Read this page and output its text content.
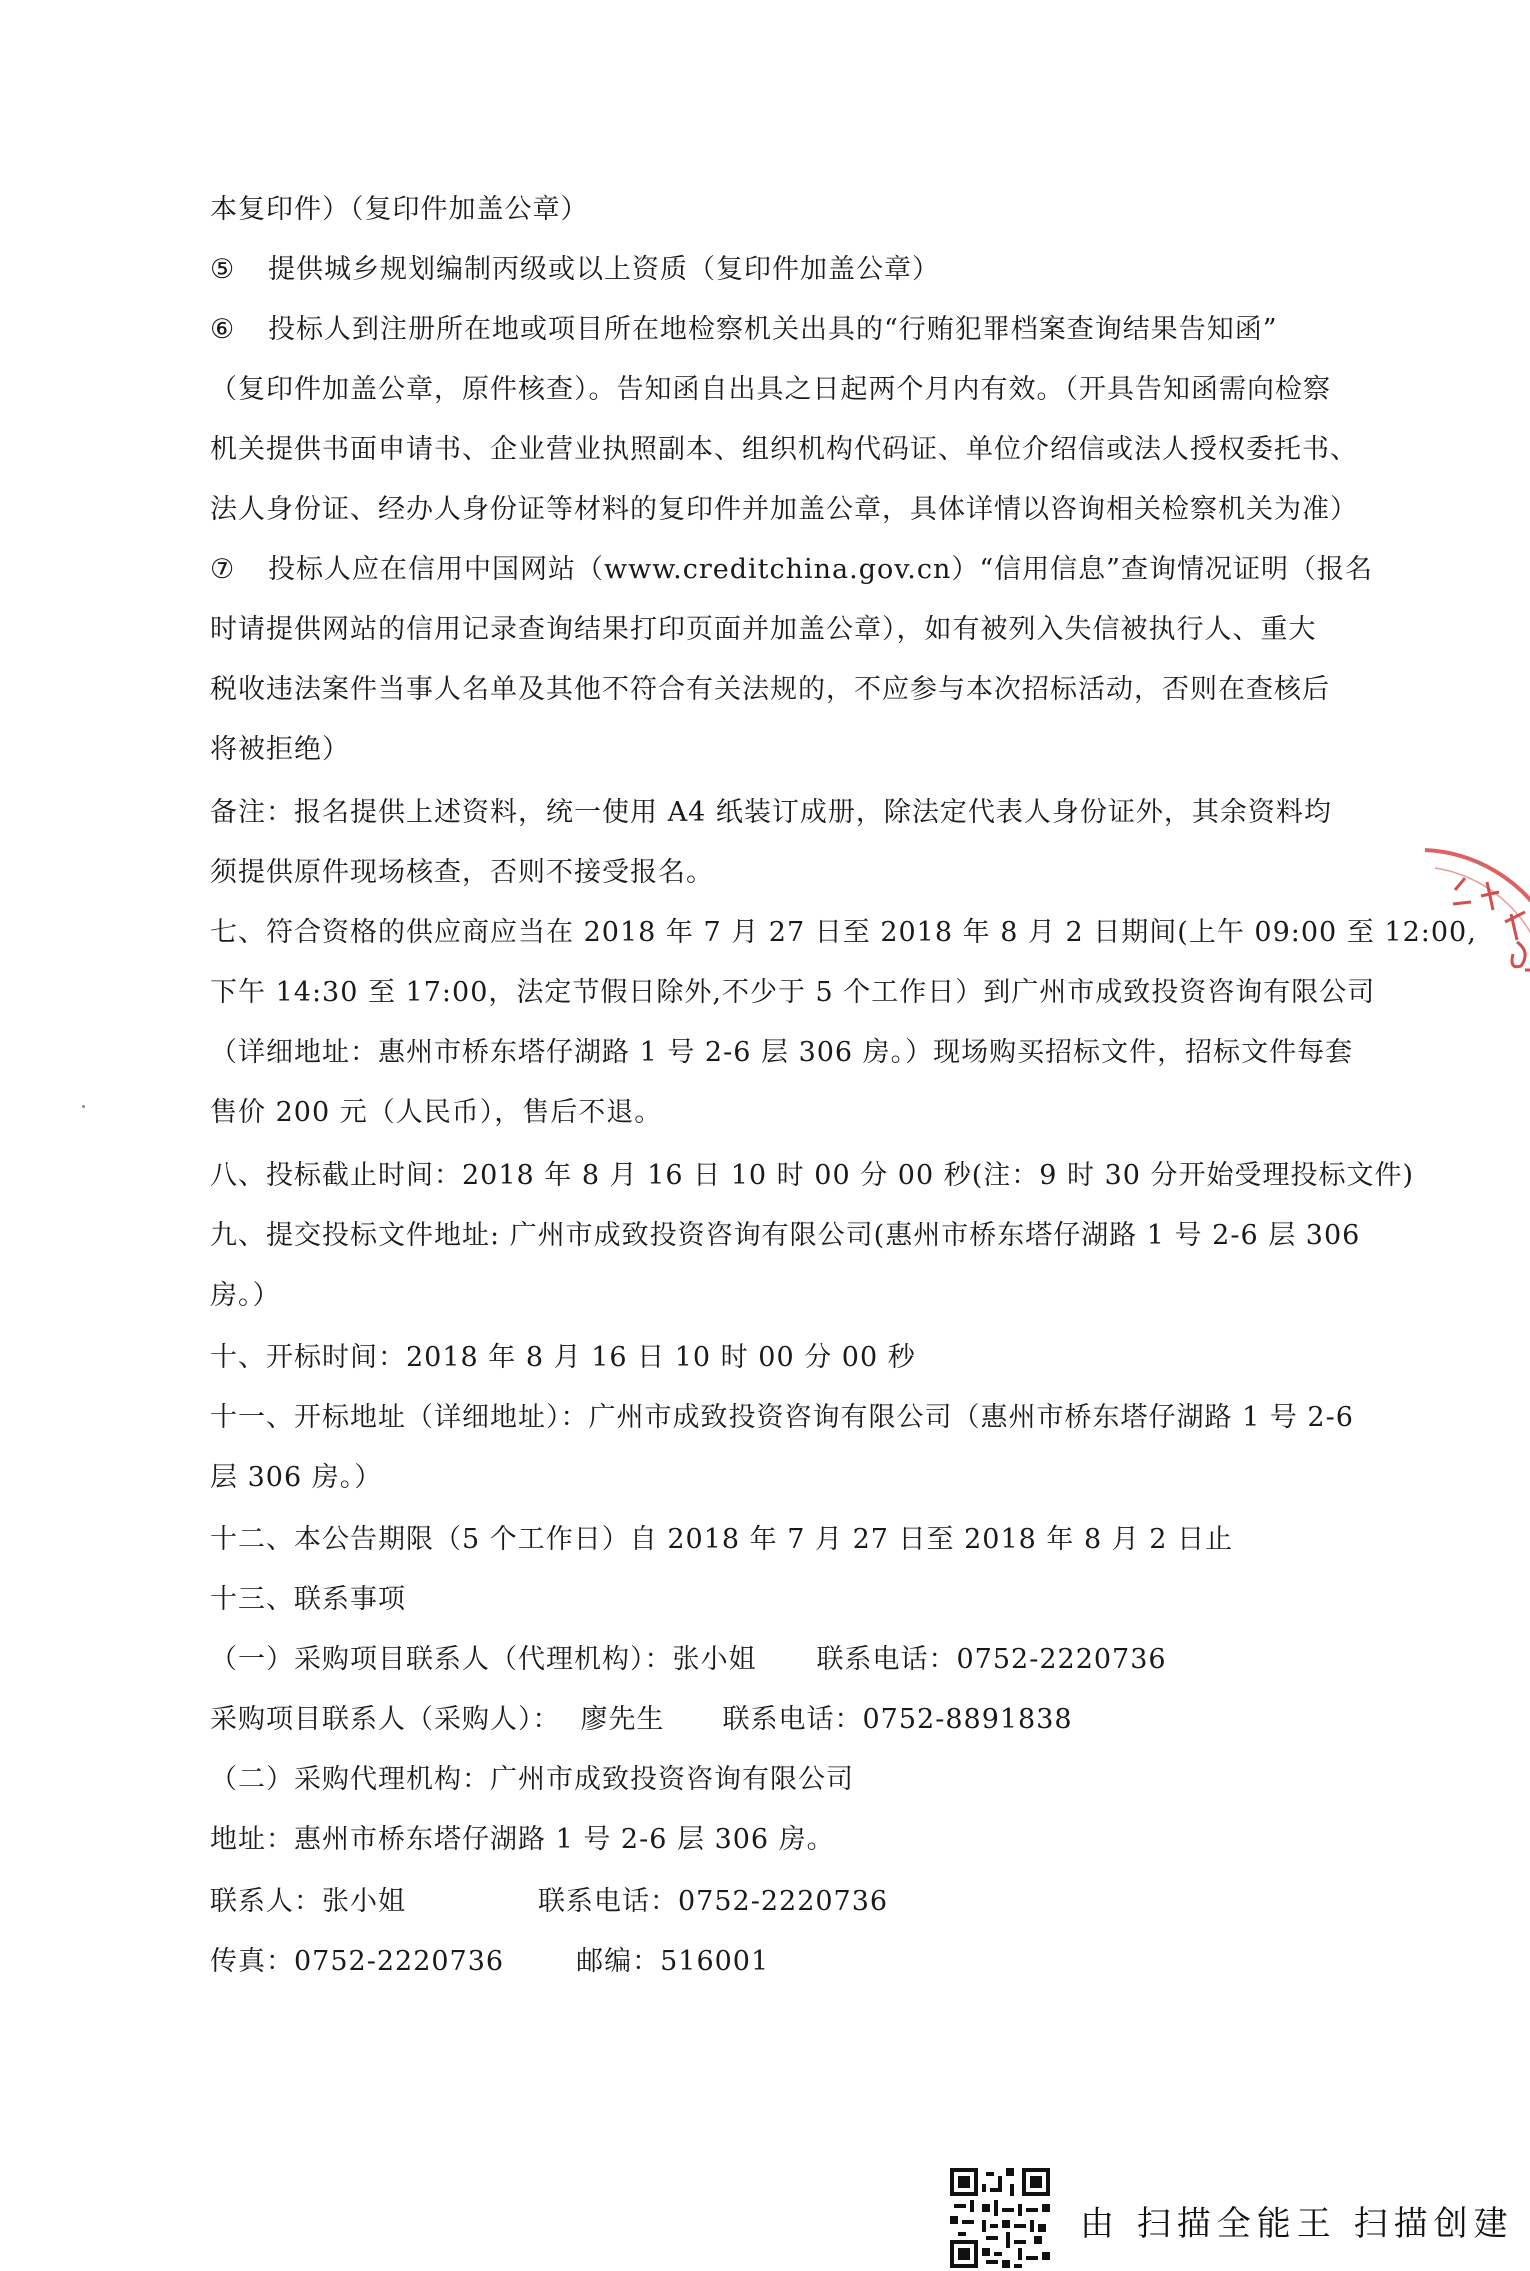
本复印件）（复印件加盖公章）
⑤ 提供城乡规划编制丙级或以上资质（复印件加盖公章）
⑥ 投标人到注册所在地或项目所在地检察机关出具的“行贿犯罪档案查询结果告知函”
（复印件加盖公章，原件核查）。告知函自出具之日起两个月内有效。（开具告知函需向检察
机关提供书面申请书、企业营业执照副本、组织机构代码证、单位介绍信或法人授权委托书、
法人身份证、经办人身份证等材料的复印件并加盖公章，具体详情以咨询相关检察机关为准）
⑦ 投标人应在信用中国网站（www.creditchina.gov.cn）“信用信息”查询情况证明（报名
时请提供网站的信用记录查询结果打印页面并加盖公章），如有被列入失信被执行人、重大
税收违法案件当事人名单及其他不符合有关法规的，不应参与本次招标活动，否则在查核后
将被拒绝）
备注：报名提供上述资料，统一使用 A4 纸装订成册，除法定代表人身份证外，其余资料均
须提供原件现场核查，否则不接受报名。
七、符合资格的供应商应当在 2018 年 7 月 27 日至 2018 年 8 月 2 日期间(上午 09:00 至 12:00,
下午 14:30 至 17:00，法定节假日除外,不少于 5 个工作日）到广州市成致投资咨询有限公司
（详细地址：惠州市桥东塔仔湖路 1 号 2-6 层 306 房。）现场购买招标文件，招标文件每套
售价 200 元（人民币），售后不退。
八、投标截止时间：2018 年 8 月 16 日 10 时 00 分 00 秒(注：9 时 30 分开始受理投标文件)
九、提交投标文件地址: 广州市成致投资咨询有限公司(惠州市桥东塔仔湖路 1 号 2-6 层 306
房。）
十、开标时间：2018 年 8 月 16 日 10 时 00 分 00 秒
十一、开标地址（详细地址）：广州市成致投资咨询有限公司（惠州市桥东塔仔湖路 1 号 2-6
层 306 房。）
十二、本公告期限（5 个工作日）自 2018 年 7 月 27 日至 2018 年 8 月 2 日止
十三、联系事项
（一）采购项目联系人（代理机构）：张小姐 联系电话：0752-2220736
采购项目联系人（采购人）： 廖先生 联系电话：0752-8891838
（二）采购代理机构：广州市成致投资咨询有限公司
地址：惠州市桥东塔仔湖路 1 号 2-6 层 306 房。
联系人：张小姐	联系电话：0752-2220736
传真：0752-2220736	邮编：516001
由 扫描全能王 扫描创建
